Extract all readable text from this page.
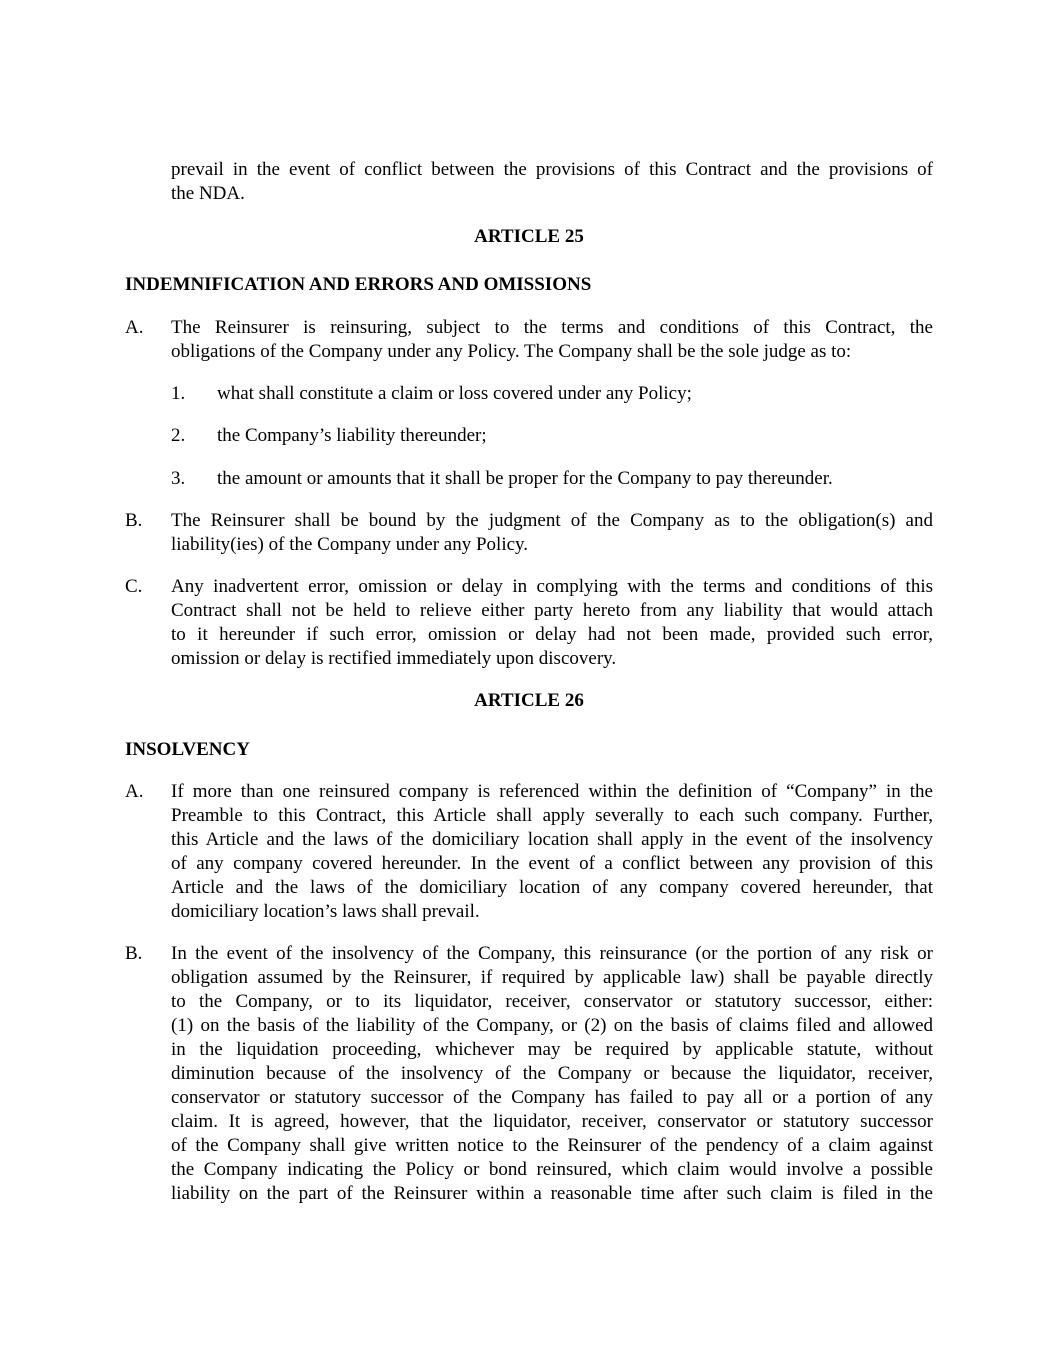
prevail in the event of conflict between the provisions of this Contract and the provisions of
the NDA.
ARTICLE 25
INDEMNIFICATION AND ERRORS AND OMISSIONS
A. The Reinsurer is reinsuring, subject to the terms and conditions of this Contract, the
obligations of the Company under any Policy. The Company shall be the sole judge as to:
1. what shall constitute a claim or loss covered under any Policy;
2. the Company’s liability thereunder;
3. the amount or amounts that it shall be proper for the Company to pay thereunder.
B. The Reinsurer shall be bound by the judgment of the Company as to the obligation(s) and
liability(ies) of the Company under any Policy.
C. Any inadvertent error, omission or delay in complying with the terms and conditions of this
Contract shall not be held to relieve either party hereto from any liability that would attach
to it hereunder if such error, omission or delay had not been made, provided such error,
omission or delay is rectified immediately upon discovery.
ARTICLE 26
INSOLVENCY
A. If more than one reinsured company is referenced within the definition of “Company” in the
Preamble to this Contract, this Article shall apply severally to each such company. Further,
this Article and the laws of the domiciliary location shall apply in the event of the insolvency
of any company covered hereunder. In the event of a conflict between any provision of this
Article and the laws of the domiciliary location of any company covered hereunder, that
domiciliary location’s laws shall prevail.
B. In the event of the insolvency of the Company, this reinsurance (or the portion of any risk or
obligation assumed by the Reinsurer, if required by applicable law) shall be payable directly
to the Company, or to its liquidator, receiver, conservator or statutory successor, either:
(1) on the basis of the liability of the Company, or (2) on the basis of claims filed and allowed
in the liquidation proceeding, whichever may be required by applicable statute, without
diminution because of the insolvency of the Company or because the liquidator, receiver,
conservator or statutory successor of the Company has failed to pay all or a portion of any
claim. It is agreed, however, that the liquidator, receiver, conservator or statutory successor
of the Company shall give written notice to the Reinsurer of the pendency of a claim against
the Company indicating the Policy or bond reinsured, which claim would involve a possible
liability on the part of the Reinsurer within a reasonable time after such claim is filed in the
